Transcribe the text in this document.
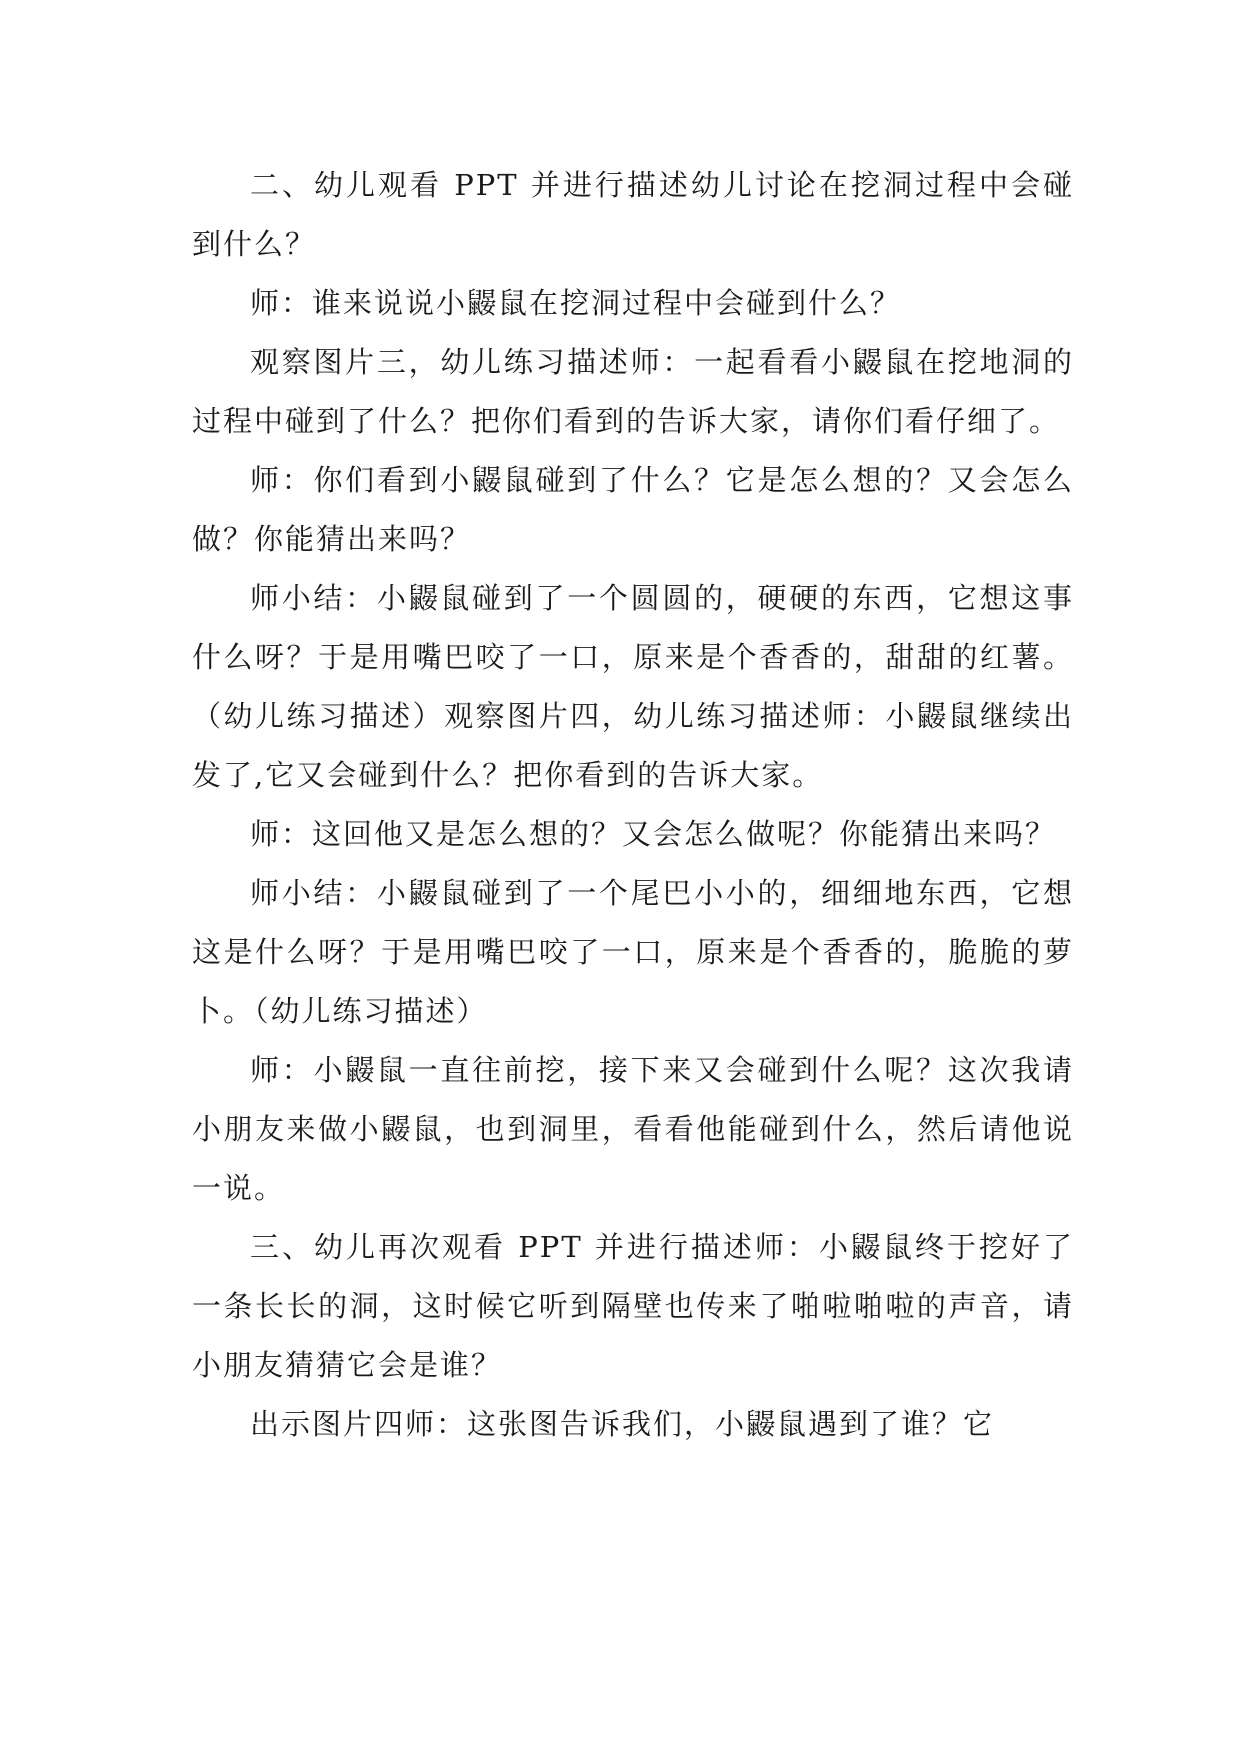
二、幼儿观看 PPT 并进行描述幼儿讨论在挖洞过程中会碰到什么？

师：谁来说说小鼹鼠在挖洞过程中会碰到什么？

观察图片三，幼儿练习描述师：一起看看小鼹鼠在挖地洞的过程中碰到了什么？把你们看到的告诉大家，请你们看仔细了。

师：你们看到小鼹鼠碰到了什么？它是怎么想的？又会怎么做？你能猜出来吗？

师小结：小鼹鼠碰到了一个圆圆的，硬硬的东西，它想这事什么呀？于是用嘴巴咬了一口，原来是个香香的，甜甜的红薯。（幼儿练习描述）观察图片四，幼儿练习描述师：小鼹鼠继续出发了,它又会碰到什么？把你看到的告诉大家。

师：这回他又是怎么想的？又会怎么做呢？你能猜出来吗？

师小结：小鼹鼠碰到了一个尾巴小小的，细细地东西，它想这是什么呀？于是用嘴巴咬了一口，原来是个香香的，脆脆的萝卜。（幼儿练习描述）

师：小鼹鼠一直往前挖，接下来又会碰到什么呢？这次我请小朋友来做小鼹鼠，也到洞里，看看他能碰到什么，然后请他说一说。

三、幼儿再次观看 PPT 并进行描述师：小鼹鼠终于挖好了一条长长的洞，这时候它听到隔壁也传来了啪啦啪啦的声音，请小朋友猜猜它会是谁？

出示图片四师：这张图告诉我们，小鼹鼠遇到了谁？它
